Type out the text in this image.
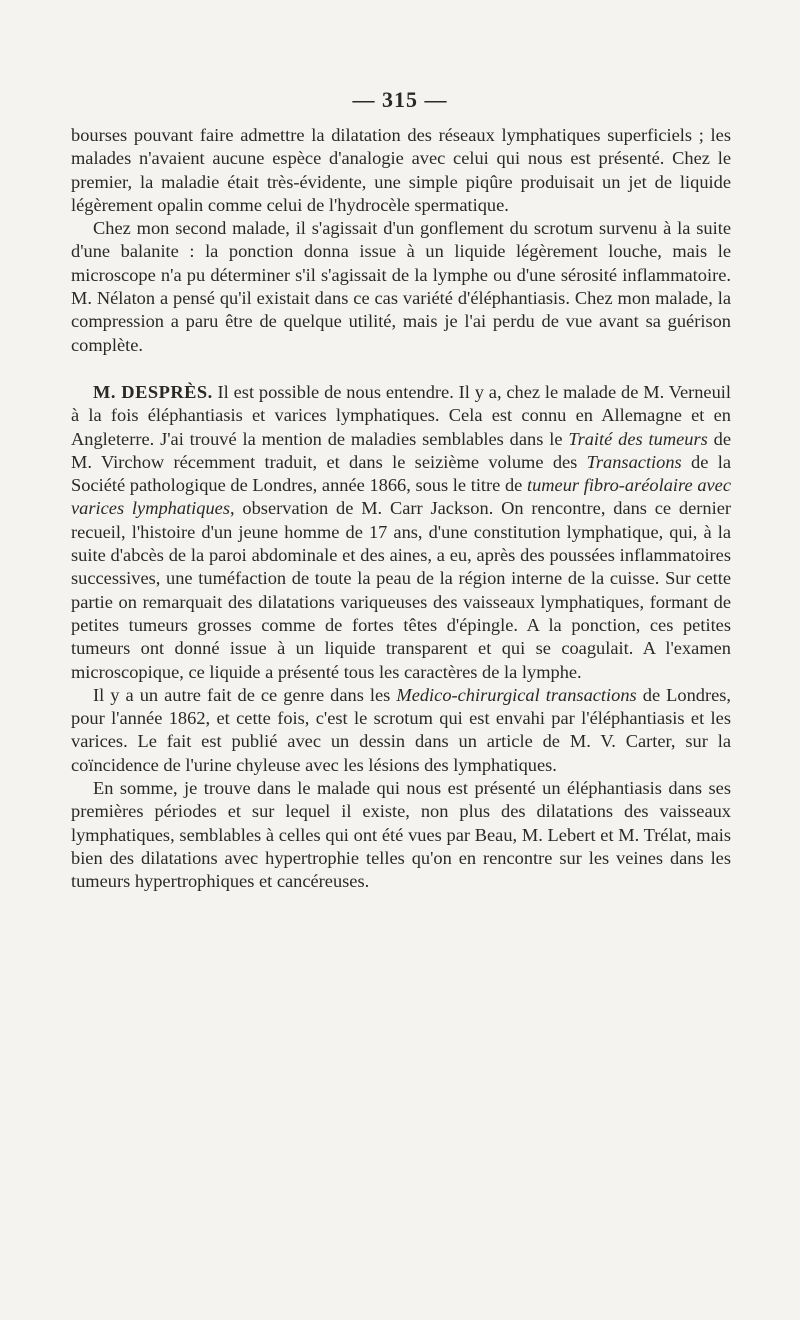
— 315 —

bourses pouvant faire admettre la dilatation des réseaux lymphatiques superficiels ; les malades n'avaient aucune espèce d'analogie avec celui qui nous est présenté. Chez le premier, la maladie était très-évidente, une simple piqûre produisait un jet de liquide légèrement opalin comme celui de l'hydrocèle spermatique.

Chez mon second malade, il s'agissait d'un gonflement du scrotum survenu à la suite d'une balanite : la ponction donna issue à un liquide légèrement louche, mais le microscope n'a pu déterminer s'il s'agissait de la lymphe ou d'une sérosité inflammatoire. M. Nélaton a pensé qu'il existait dans ce cas variété d'éléphantiasis. Chez mon malade, la compression a paru être de quelque utilité, mais je l'ai perdu de vue avant sa guérison complète.

M. DESPRÈS. Il est possible de nous entendre. Il y a, chez le malade de M. Verneuil à la fois éléphantiasis et varices lymphatiques. Cela est connu en Allemagne et en Angleterre. J'ai trouvé la mention de maladies semblables dans le Traité des tumeurs de M. Virchow récemment traduit, et dans le seizième volume des Transactions de la Société pathologique de Londres, année 1866, sous le titre de tumeur fibro-aréolaire avec varices lymphatiques, observation de M. Carr Jackson. On rencontre, dans ce dernier recueil, l'histoire d'un jeune homme de 17 ans, d'une constitution lymphatique, qui, à la suite d'abcès de la paroi abdominale et des aines, a eu, après des poussées inflammatoires successives, une tuméfaction de toute la peau de la région interne de la cuisse. Sur cette partie on remarquait des dilatations variqueuses des vaisseaux lymphatiques, formant de petites tumeurs grosses comme de fortes têtes d'épingle. A la ponction, ces petites tumeurs ont donné issue à un liquide transparent et qui se coagulait. A l'examen microscopique, ce liquide a présenté tous les caractères de la lymphe.

Il y a un autre fait de ce genre dans les Medico-chirurgical transactions de Londres, pour l'année 1862, et cette fois, c'est le scrotum qui est envahi par l'éléphantiasis et les varices. Le fait est publié avec un dessin dans un article de M. V. Carter, sur la coïncidence de l'urine chyleuse avec les lésions des lymphatiques.

En somme, je trouve dans le malade qui nous est présenté un éléphantiasis dans ses premières périodes et sur lequel il existe, non plus des dilatations des vaisseaux lymphatiques, semblables à celles qui ont été vues par Beau, M. Lebert et M. Trélat, mais bien des dilatations avec hypertrophie telles qu'on en rencontre sur les veines dans les tumeurs hypertrophiques et cancéreuses.
